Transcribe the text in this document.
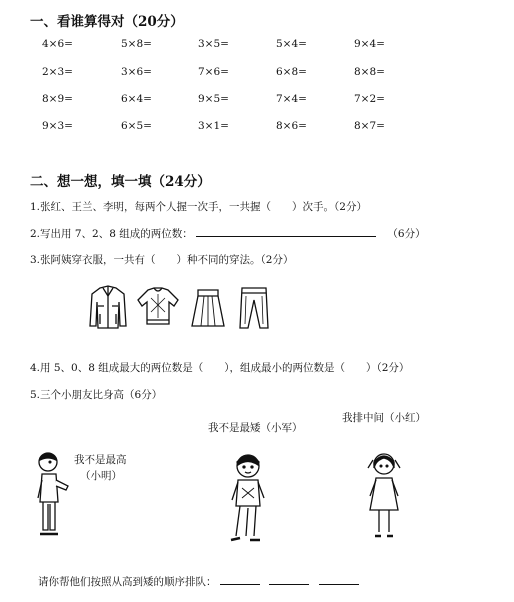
一、看谁算得对（20分）
4×6=	5×8=	3×5=	5×4=	9×4=
2×3=	3×6=	7×6=	6×8=	8×8=
8×9=	6×4=	9×5=	7×4=	7×2=
9×3=	6×5=	3×1=	8×6=	8×7=
二、想一想，填一填（24分）
1.张红、王兰、李明，每两个人握一次手，一共握（　　）次手。（2分）
2.写出用 7、2、8 组成的两位数：	（6分）
3.张阿姨穿衣服，一共有（　　）种不同的穿法。（2分）
4.用 5、0、8 组成最大的两位数是（　　），组成最小的两位数是（　　）（2分）
5.三个小朋友比身高（6分）
我排中间（小红）
我不是最矮（小军）
我不是最高
（小明）
请你帮他们按照从高到矮的顺序排队：
